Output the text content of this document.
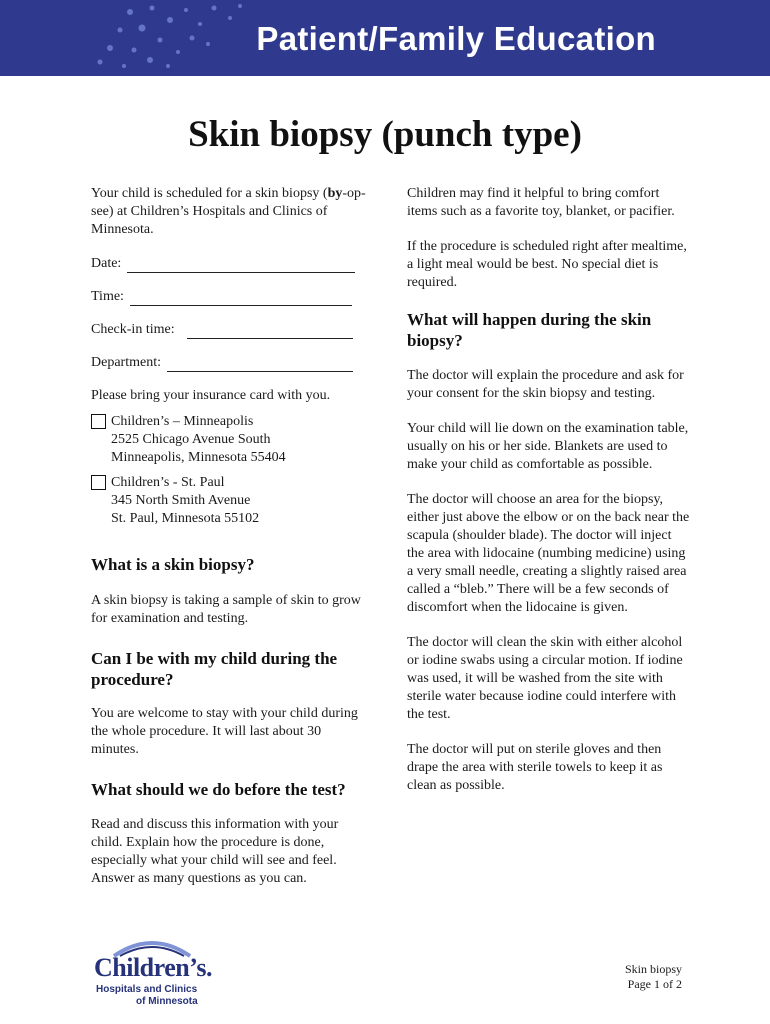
Patient/Family Education
Skin biopsy (punch type)

Your child is scheduled for a skin biopsy (by-op-see) at Children’s Hospitals and Clinics of Minnesota.

Date:
Time:
Check-in time:
Department:

Please bring your insurance card with you.

Children’s – Minneapolis
2525 Chicago Avenue South
Minneapolis, Minnesota 55404
Children’s - St. Paul
345 North Smith Avenue
St. Paul, Minnesota 55102
What is a skin biopsy?

A skin biopsy is taking a sample of skin to grow for examination and testing.

Can I be with my child during the procedure?

You are welcome to stay with your child during the whole procedure. It will last about 30 minutes.

What should we do before the test?

Read and discuss this information with your child. Explain how the procedure is done, especially what your child will see and feel. Answer as many questions as you can.

Children may find it helpful to bring comfort items such as a favorite toy, blanket, or pacifier.

If the procedure is scheduled right after mealtime, a light meal would be best. No special diet is required.

What will happen during the skin biopsy?

The doctor will explain the procedure and ask for your consent for the skin biopsy and testing.

Your child will lie down on the examination table, usually on his or her side. Blankets are used to make your child as comfortable as possible.

The doctor will choose an area for the biopsy, either just above the elbow or on the back near the scapula (shoulder blade). The doctor will inject the area with lidocaine (numbing medicine) using a very small needle, creating a slightly raised area called a “bleb.” There will be a few seconds of discomfort when the lidocaine is given.

The doctor will clean the skin with either alcohol or iodine swabs using a circular motion. If iodine was used, it will be washed from the site with sterile water because iodine could interfere with the test.

The doctor will put on sterile gloves and then drape the area with sterile towels to keep it as clean as possible.

Children’s.
Hospitals and Clinics
of Minnesota
Skin biopsy
Page 1 of 2
